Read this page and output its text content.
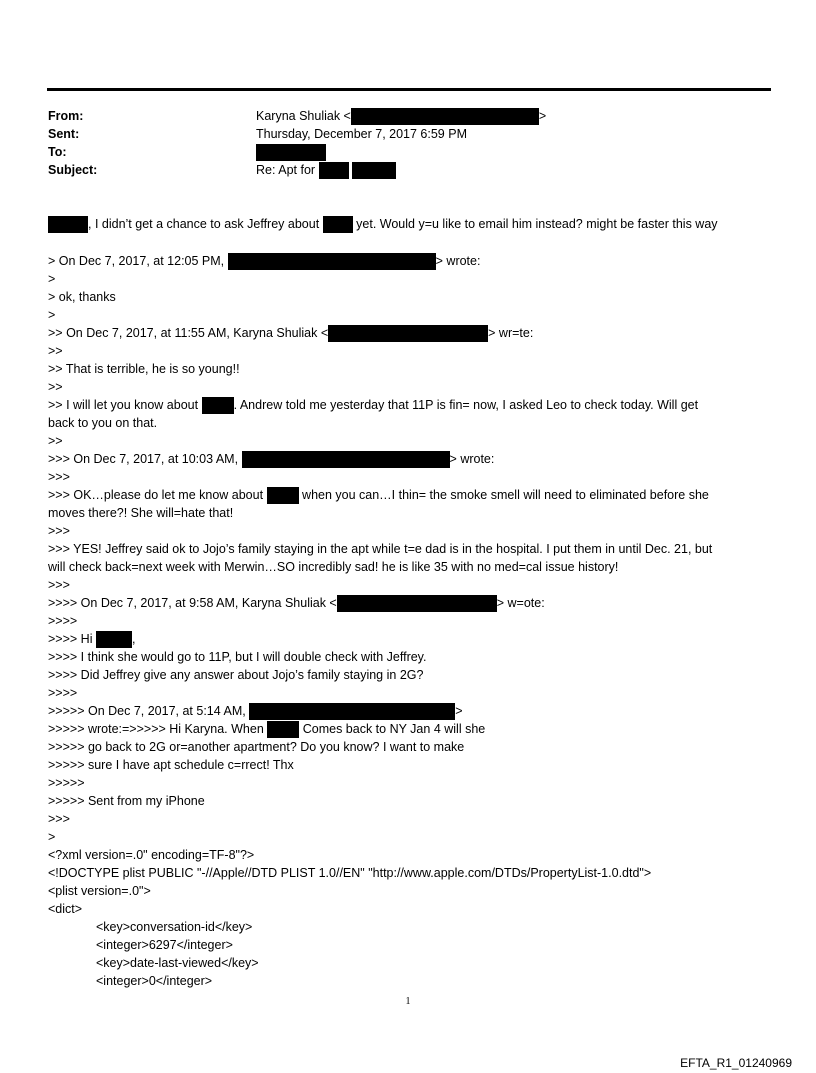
From:	Karyna Shuliak <	>
Sent:	Thursday, December 7, 2017 6:59 PM
To:
Subject:	Re: Apt for
, I didn’t get a chance to ask Jeffrey about	yet. Would y=u like to email him instead? might be faster this way
> On Dec 7, 2017, at 12:05 PM,	> wrote:
>
> ok, thanks
>
>> On Dec 7, 2017, at 11:55 AM, Karyna Shuliak <	> wr=te:
>>
>> That is terrible, he is so young!!
>>
>> I will let you know about	. Andrew told me yesterday that 11P is fin= now, I asked Leo to check today. Will get
back to you on that.
>>
>>> On Dec 7, 2017, at 10:03 AM,	> wrote:
>>>
>>> OK…please do let me know about	when you can…I thin= the smoke smell will need to eliminated before she
moves there?! She will=hate that!
>>>
>>> YES! Jeffrey said ok to Jojo’s family staying in the apt while t=e dad is in the hospital. I put them in until Dec. 21, but
will check back=next week with Merwin…SO incredibly sad! he is like 35 with no med=cal issue history!
>>>
>>>> On Dec 7, 2017, at 9:58 AM, Karyna Shuliak <	> w=ote:
>>>>
>>>> Hi	,
>>>> I think she would go to 11P, but I will double check with Jeffrey.
>>>> Did Jeffrey give any answer about Jojo’s family staying in 2G?
>>>>
>>>>> On Dec 7, 2017, at 5:14 AM,	>
>>>>> wrote:=>>>>> Hi Karyna. When	Comes back to NY Jan 4 will she
>>>>> go back to 2G or=another apartment? Do you know? I want to make
>>>>> sure I have apt schedule c=rrect! Thx
>>>>>
>>>>> Sent from my iPhone
>>>
>
<?xml version=.0" encoding=TF-8"?>
<!DOCTYPE plist PUBLIC "-//Apple//DTD PLIST 1.0//EN" "http://www.apple.com/DTDs/PropertyList-1.0.dtd">
<plist version=.0">
<dict>
<key>conversation-id</key>
<integer>6297</integer>
<key>date-last-viewed</key>
<integer>0</integer>
1
EFTA_R1_01240969
